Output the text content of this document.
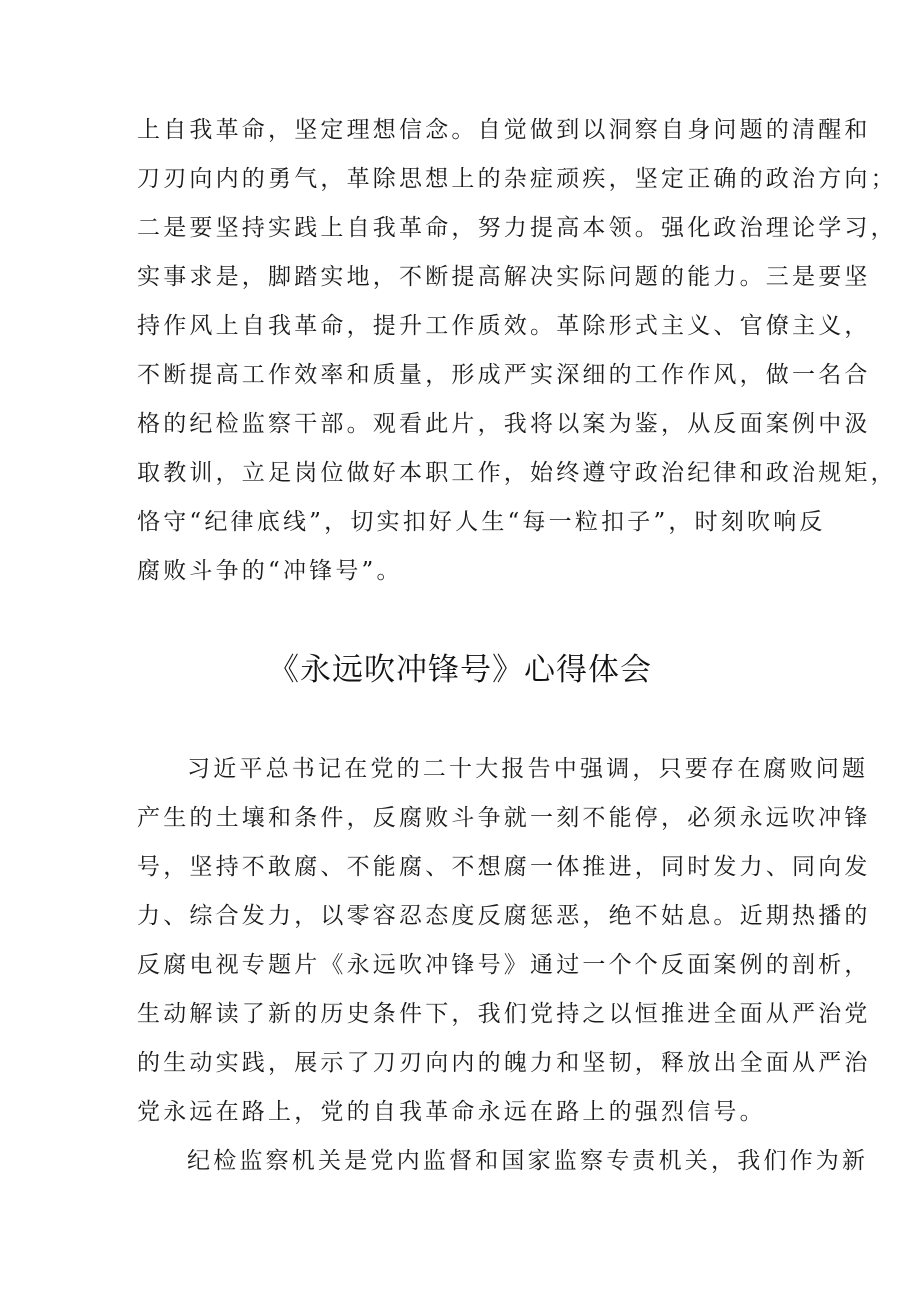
上自我革命，坚定理想信念。自觉做到以洞察自身问题的清醒和
刀刃向内的勇气，革除思想上的杂症顽疾，坚定正确的政治方向；
二是要坚持实践上自我革命，努力提高本领。强化政治理论学习，
实事求是，脚踏实地，不断提高解决实际问题的能力。三是要坚
持作风上自我革命，提升工作质效。革除形式主义、官僚主义，
不断提高工作效率和质量，形成严实深细的工作作风，做一名合
格的纪检监察干部。观看此片，我将以案为鉴，从反面案例中汲
取教训，立足岗位做好本职工作，始终遵守政治纪律和政治规矩，
恪守“纪律底线”，切实扣好人生“每一粒扣子”，时刻吹响反
腐败斗争的“冲锋号”。
《永远吹冲锋号》心得体会
习近平总书记在党的二十大报告中强调，只要存在腐败问题
产生的土壤和条件，反腐败斗争就一刻不能停，必须永远吹冲锋
号，坚持不敢腐、不能腐、不想腐一体推进，同时发力、同向发
力、综合发力，以零容忍态度反腐惩恶，绝不姑息。近期热播的
反腐电视专题片《永远吹冲锋号》通过一个个反面案例的剖析，
生动解读了新的历史条件下，我们党持之以恒推进全面从严治党
的生动实践，展示了刀刃向内的魄力和坚韧，释放出全面从严治
党永远在路上，党的自我革命永远在路上的强烈信号。
纪检监察机关是党内监督和国家监察专责机关，我们作为新
